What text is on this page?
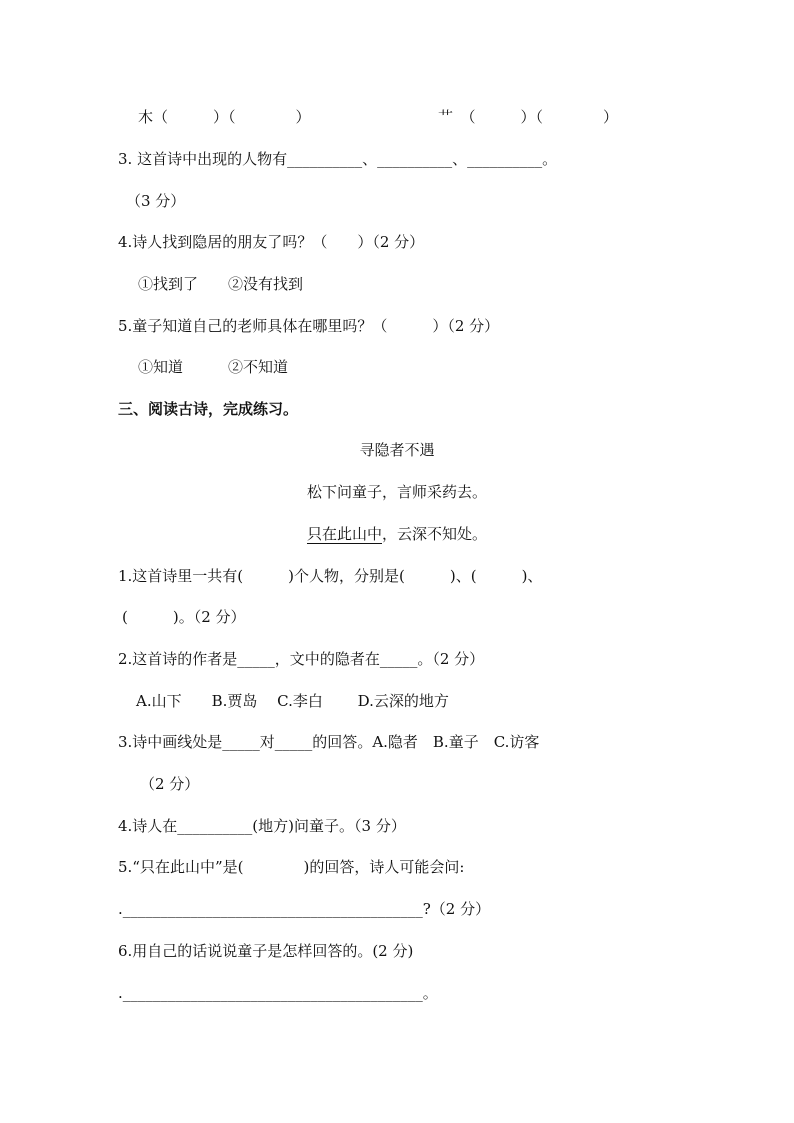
木（　　　）（　　　　）	艹　（　　　）（　　　　）
3. 这首诗中出现的人物有__________、__________、__________。
（3 分）
4.诗人找到隐居的朋友了吗？（　　）（2 分）
①找到了　　②没有找到
5.童子知道自己的老师具体在哪里吗？（　　　）（2 分）
①知道　　　②不知道
三、阅读古诗，完成练习。
寻隐者不遇
松下问童子，言师采药去。
只在此山中，云深不知处。
1.这首诗里一共有(　　　)个人物，分别是(　　　)、(　　　)、
(　　　)。（2 分）
2.这首诗的作者是_____，文中的隐者在_____。（2 分）
A.山下　　B.贾岛　 C.李白　　 D.云深的地方
3.诗中画线处是_____对_____的回答。A.隐者　B.童子　C.访客
（2 分）
4.诗人在__________(地方)问童子。（3 分）
5.“只在此山中”是(　　　　)的回答，诗人可能会问:
.________________________________________?（2 分）
6.用自己的话说说童子是怎样回答的。(2 分)
.________________________________________。
